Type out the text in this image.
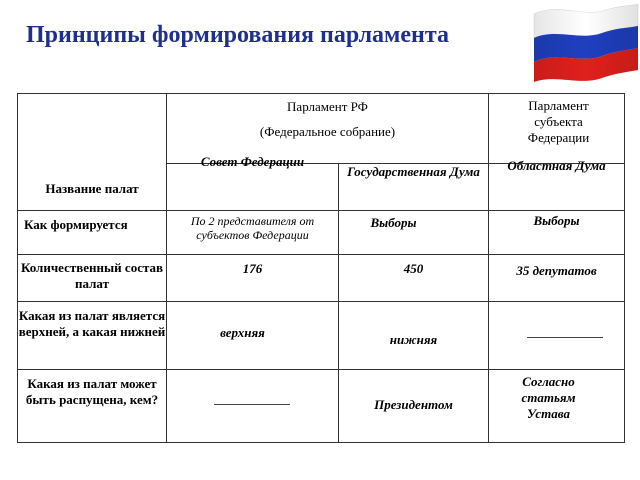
Принципы формирования парламента

	Парламент РФ
(Федеральное собрание)		Парламент субъекта Федерации

	Совет Федерации	Государственная Дума	Областная Дума

Название палат
Как формируется	По 2 представителя от субъектов Федерации	Выборы	Выборы

Количественный состав палат	176	450	35 депутатов

Какая из палат является верхней, а какая нижней	верхняя	нижняя	

Какая из палат может быть распущена, кем?		Президентом	Согласно статьям Устава
